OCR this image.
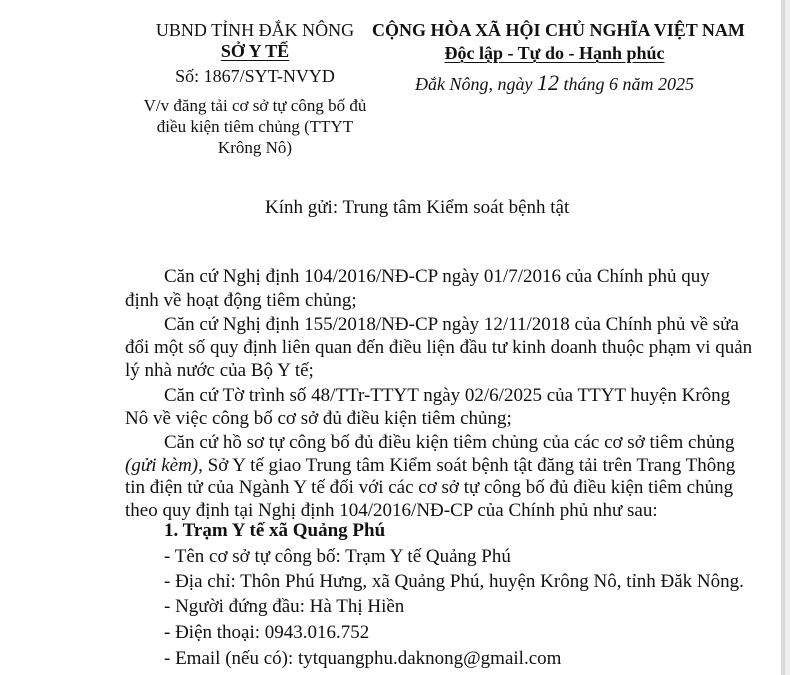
UBND TỈNH ĐẮK NÔNG
SỞ Y TẾ
Số: 1867/SYT-NVYD
V/v đăng tải cơ sở tự công bố đủ
điều kiện tiêm chủng (TTYT
Krông Nô)
CỘNG HÒA XÃ HỘI CHỦ NGHĨA VIỆT NAM
Độc lập - Tự do - Hạnh phúc
Đắk Nông, ngày 12 tháng 6 năm 2025
Kính gửi: Trung tâm Kiểm soát bệnh tật
Căn cứ Nghị định 104/2016/NĐ-CP ngày 01/7/2016 của Chính phủ quy
định về hoạt động tiêm chủng;
Căn cứ Nghị định 155/2018/NĐ-CP ngày 12/11/2018 của Chính phủ về sửa
đổi một số quy định liên quan đến điều liện đầu tư kinh doanh thuộc phạm vi quản
lý nhà nước của Bộ Y tế;
Căn cứ Tờ trình số 48/TTr-TTYT ngày 02/6/2025 của TTYT huyện Krông
Nô về việc công bố cơ sở đủ điều kiện tiêm chủng;
Căn cứ hồ sơ tự công bố đủ điều kiện tiêm chủng của các cơ sở tiêm chủng
(gửi kèm), Sở Y tế giao Trung tâm Kiểm soát bệnh tật đăng tải trên Trang Thông
tin điện tử của Ngành Y tế đối với các cơ sở tự công bố đủ điều kiện tiêm chủng
theo quy định tại Nghị định 104/2016/NĐ-CP của Chính phủ như sau:
1. Trạm Y tế xã Quảng Phú
- Tên cơ sở tự công bố: Trạm Y tế Quảng Phú
- Địa chỉ: Thôn Phú Hưng, xã Quảng Phú, huyện Krông Nô, tỉnh Đăk Nông.
- Người đứng đầu: Hà Thị Hiền
- Điện thoại: 0943.016.752
- Email (nếu có): tytquangphu.daknong@gmail.com
